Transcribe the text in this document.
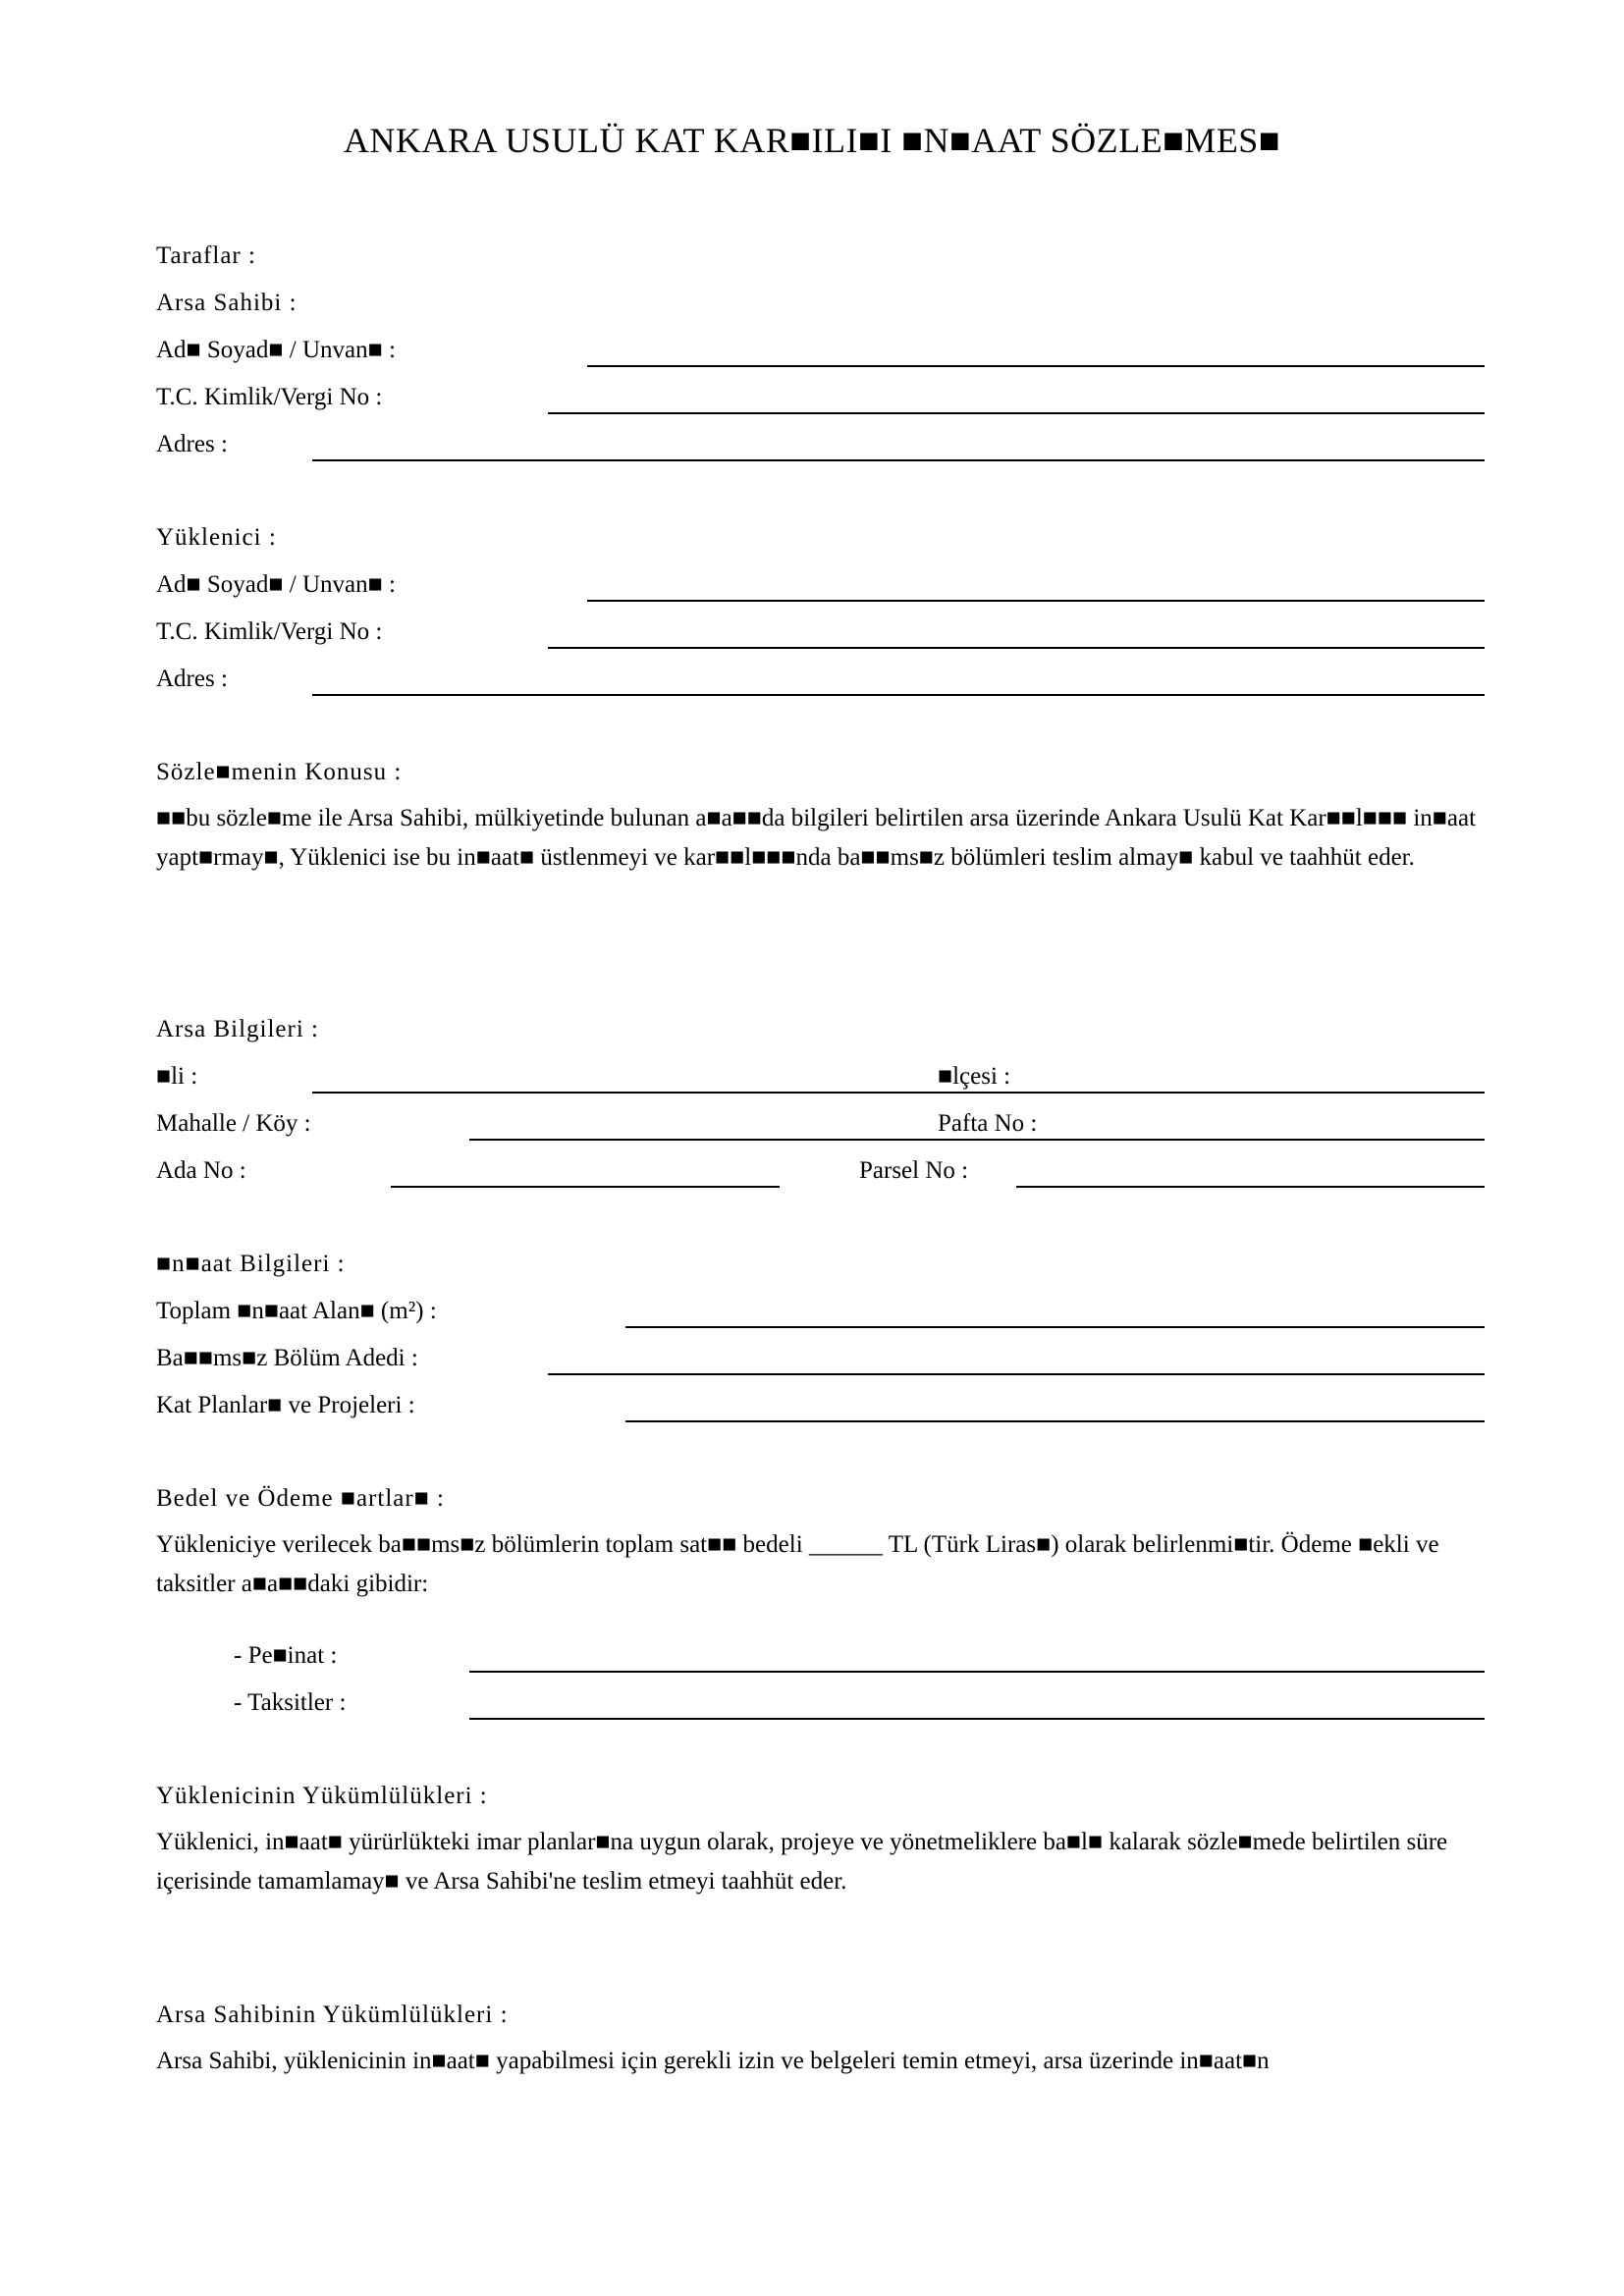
ANKARA USULÜ KAT KAR■ILI■I ■N■AAT SÖZLE■MES■
Taraflar :
Arsa Sahibi :
Ad■ Soyad■ / Unvan■ :
T.C. Kimlik/Vergi No :
Adres :
Yüklenici :
Ad■ Soyad■ / Unvan■ :
T.C. Kimlik/Vergi No :
Adres :
Sözle■menin Konusu :
■■bu sözle■me ile Arsa Sahibi, mülkiyetinde bulunan a■a■■da bilgileri belirtilen arsa üzerinde Ankara Usulü Kat Kar■■l■■■ in■aat yapt■rmay■, Yüklenici ise bu in■aat■ üstlenmeyi ve kar■■l■■■nda ba■■ms■z bölümleri teslim almay■ kabul ve taahhüt eder.
Arsa Bilgileri :
■li :	■lçesi :
Mahalle / Köy :	Pafta No :
Ada No :	Parsel No :
■n■aat Bilgileri :
Toplam ■n■aat Alan■ (m²) :
Ba■■ms■z Bölüm Adedi :
Kat Planlar■ ve Projeleri :
Bedel ve Ödeme ■artlar■ :
Yükleniciye verilecek ba■■ms■z bölümlerin toplam sat■■ bedeli ______ TL (Türk Liras■) olarak belirlenmi■tir. Ödeme ■ekli ve taksitler a■a■■daki gibidir:
- Pe■inat :
- Taksitler :
Yüklenicinin Yükümlülükleri :
Yüklenici, in■aat■ yürürlükteki imar planlar■na uygun olarak, projeye ve yönetmeliklere ba■l■ kalarak sözle■mede belirtilen süre içerisinde tamamlamay■ ve Arsa Sahibi'ne teslim etmeyi taahhüt eder.
Arsa Sahibinin Yükümlülükleri :
Arsa Sahibi, yüklenicinin in■aat■ yapabilmesi için gerekli izin ve belgeleri temin etmeyi, arsa üzerinde in■aat■n
